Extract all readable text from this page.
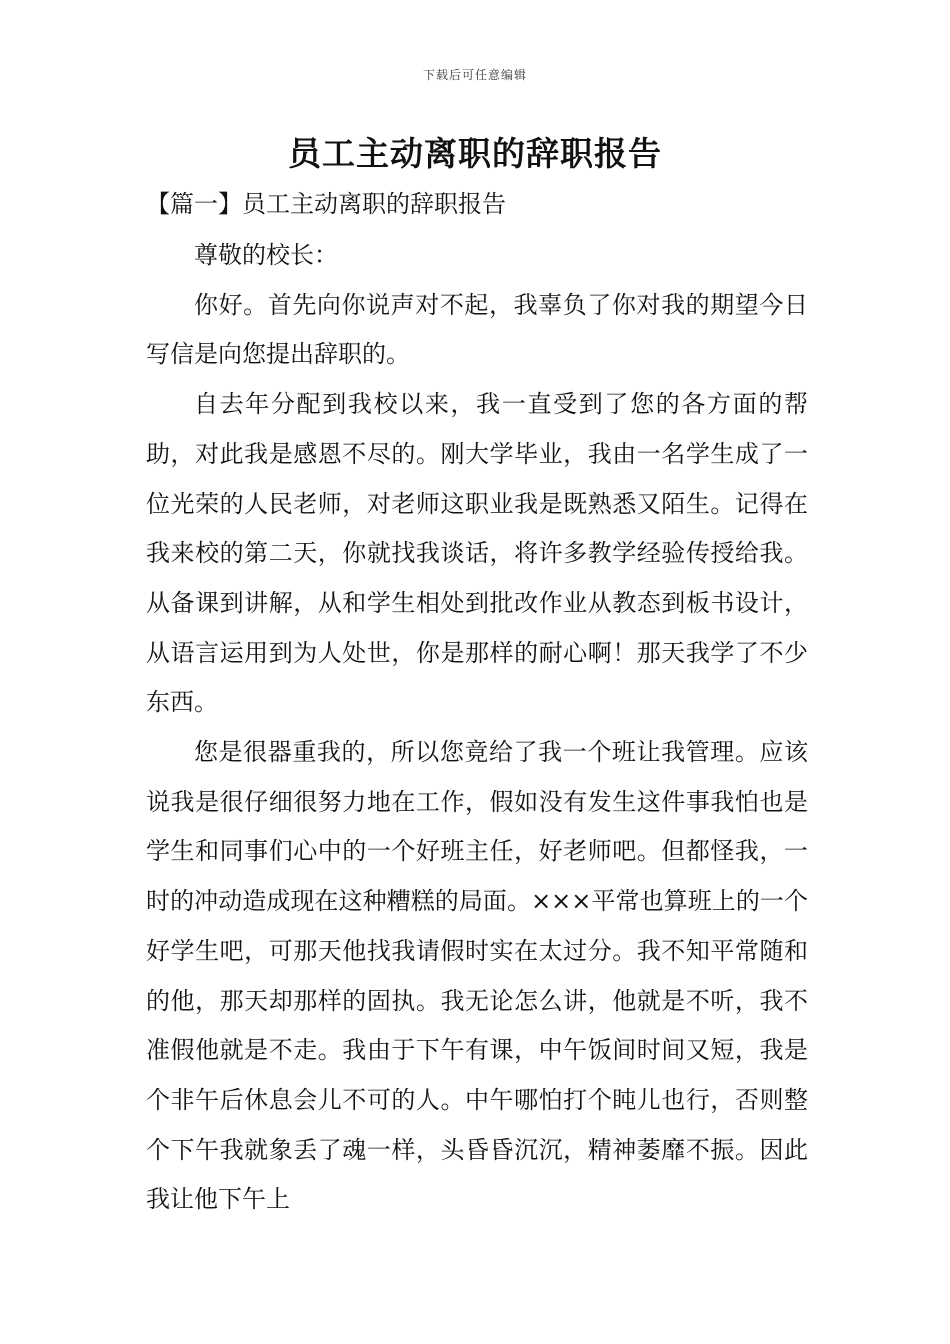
下载后可任意编辑
员工主动离职的辞职报告
【篇一】员工主动离职的辞职报告

尊敬的校长：

你好。首先向你说声对不起，我辜负了你对我的期望今日写信是向您提出辞职的。

自去年分配到我校以来，我一直受到了您的各方面的帮助，对此我是感恩不尽的。刚大学毕业，我由一名学生成了一位光荣的人民老师，对老师这职业我是既熟悉又陌生。记得在我来校的第二天，你就找我谈话，将许多教学经验传授给我。从备课到讲解，从和学生相处到批改作业从教态到板书设计，从语言运用到为人处世，你是那样的耐心啊！那天我学了不少东西。

您是很器重我的，所以您竟给了我一个班让我管理。应该说我是很仔细很努力地在工作，假如没有发生这件事我怕也是学生和同事们心中的一个好班主任，好老师吧。但都怪我，一时的冲动造成现在这种糟糕的局面。×××平常也算班上的一个好学生吧，可那天他找我请假时实在太过分。我不知平常随和的他，那天却那样的固执。我无论怎么讲，他就是不听，我不准假他就是不走。我由于下午有课，中午饭间时间又短，我是个非午后休息会儿不可的人。中午哪怕打个盹儿也行，否则整个下午我就象丢了魂一样，头昏昏沉沉，精神萎靡不振。因此我让他下午上
